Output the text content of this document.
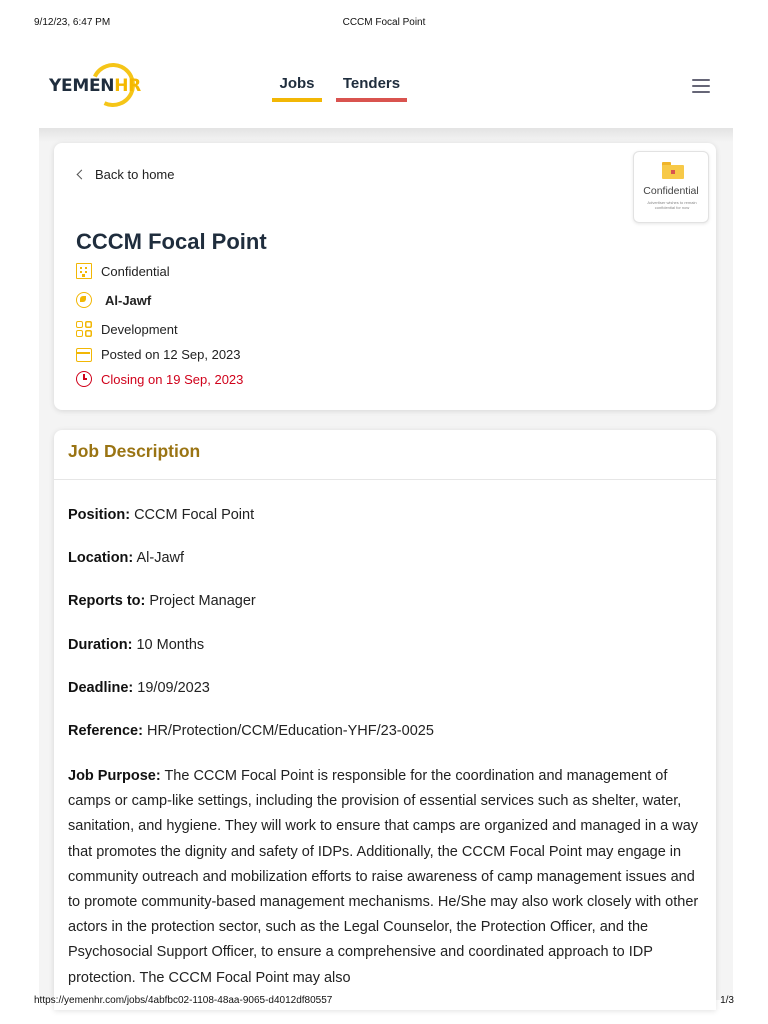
9/12/23, 6:47 PM	CCCM Focal Point
YEMENHR	Jobs	Tenders
Back to home
Confidential
Advertiser wishes to remain confidential for now
CCCM Focal Point
Confidential
Al-Jawf
Development
Posted on 12 Sep, 2023
Closing on 19 Sep, 2023
Job Description
Position: CCCM Focal Point
Location: Al-Jawf
Reports to: Project Manager
Duration: 10 Months
Deadline: 19/09/2023
Reference: HR/Protection/CCM/Education-YHF/23-0025

Job Purpose: The CCCM Focal Point is responsible for the coordination and management of camps or camp-like settings, including the provision of essential services such as shelter, water, sanitation, and hygiene. They will work to ensure that camps are organized and managed in a way that promotes the dignity and safety of IDPs. Additionally, the CCCM Focal Point may engage in community outreach and mobilization efforts to raise awareness of camp management issues and to promote community-based management mechanisms. He/She may also work closely with other actors in the protection sector, such as the Legal Counselor, the Protection Officer, and the Psychosocial Support Officer, to ensure a comprehensive and coordinated approach to IDP protection. The CCCM Focal Point may also

https://yemenhr.com/jobs/4abfbc02-1108-48aa-9065-d4012df80557	1/3
